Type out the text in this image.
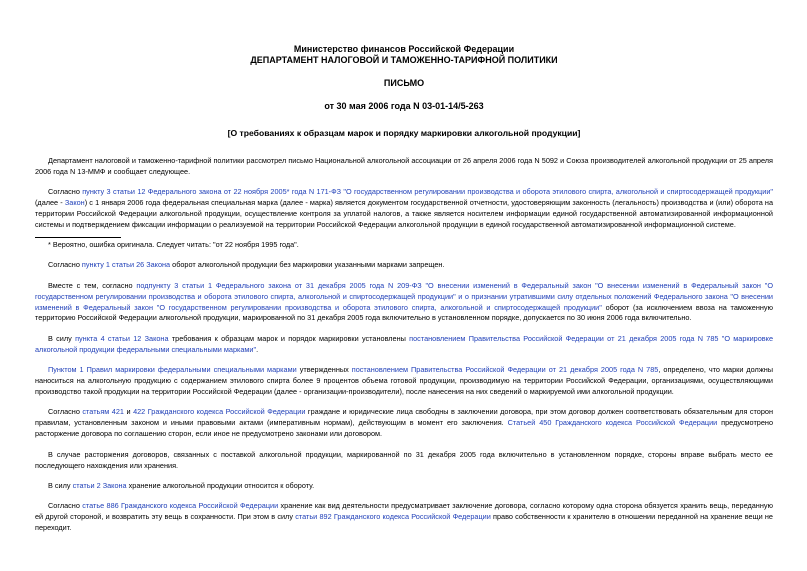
Министерство финансов Российской Федерации
ДЕПАРТАМЕНТ НАЛОГОВОЙ И ТАМОЖЕННО-ТАРИФНОЙ ПОЛИТИКИ
ПИСЬМО
от 30 мая 2006 года N 03-01-14/5-263
[О требованиях к образцам марок и порядку маркировки алкогольной продукции]

Департамент налоговой и таможенно-тарифной политики рассмотрел письмо Национальной алкогольной ассоциации от 26 апреля 2006 года N 5092 и Союза производителей алкогольной продукции от 25 апреля 2006 года N 13-ММФ и сообщает следующее.

Согласно пункту 3 статьи 12 Федерального закона от 22 ноября 2005* года N 171-ФЗ "О государственном регулировании производства и оборота этилового спирта, алкогольной и спиртосодержащей продукции" (далее - Закон) с 1 января 2006 года федеральная специальная марка (далее - марка) является документом государственной отчетности, удостоверяющим законность (легальность) производства и (или) оборота на территории Российской Федерации алкогольной продукции, осуществление контроля за уплатой налогов, а также является носителем информации единой государственной автоматизированной информационной системы и подтверждением фиксации информации о реализуемой на территории Российской Федерации алкогольной продукции в единой государственной автоматизированной информационной системе.

* Вероятно, ошибка оригинала. Следует читать: "от 22 ноября 1995 года".

Согласно пункту 1 статьи 26 Закона оборот алкогольной продукции без маркировки указанными марками запрещен.

Вместе с тем, согласно подпункту 3 статьи 1 Федерального закона от 31 декабря 2005 года N 209-ФЗ "О внесении изменений в Федеральный закон "О внесении изменений в Федеральный закон "О государственном регулировании производства и оборота этилового спирта, алкогольной и спиртосодержащей продукции" и о признании утратившими силу отдельных положений Федерального закона "О внесении изменений в Федеральный закон "О государственном регулировании производства и оборота этилового спирта, алкогольной и спиртосодержащей продукции" оборот (за исключением ввоза на таможенную территорию Российской Федерации алкогольной продукции, маркированной по 31 декабря 2005 года включительно в установленном порядке, допускается по 30 июня 2006 года включительно.

В силу пункта 4 статьи 12 Закона требования к образцам марок и порядок маркировки установлены постановлением Правительства Российской Федерации от 21 декабря 2005 года N 785 "О маркировке алкогольной продукции федеральными специальными марками".

Пунктом 1 Правил маркировки федеральными специальными марками утвержденных постановлением Правительства Российской Федерации от 21 декабря 2005 года N 785, определено, что марки должны наноситься на алкогольную продукцию с содержанием этилового спирта более 9 процентов объема готовой продукции, производимую на территории Российской Федерации, организациями, осуществляющими производство такой продукции на территории Российской Федерации (далее - организации-производители), после нанесения на них сведений о маркируемой ими алкогольной продукции.

Согласно статьям 421 и 422 Гражданского кодекса Российской Федерации граждане и юридические лица свободны в заключении договора, при этом договор должен соответствовать обязательным для сторон правилам, установленным законом и иными правовыми актами (императивным нормам), действующим в момент его заключения. Статьей 450 Гражданского кодекса Российской Федерации предусмотрено расторжение договора по соглашению сторон, если иное не предусмотрено законами или договором.

В случае расторжения договоров, связанных с поставкой алкогольной продукции, маркированной по 31 декабря 2005 года включительно в установленном порядке, стороны вправе выбрать место ее последующего нахождения или хранения.

В силу статьи 2 Закона хранение алкогольной продукции относится к обороту.

Согласно статье 886 Гражданского кодекса Российской Федерации хранение как вид деятельности предусматривает заключение договора, согласно которому одна сторона обязуется хранить вещь, переданную ей другой стороной, и возвратить эту вещь в сохранности. При этом в силу статьи 892 Гражданского кодекса Российской Федерации право собственности к хранителю в отношении переданной на хранение вещи не переходит.
